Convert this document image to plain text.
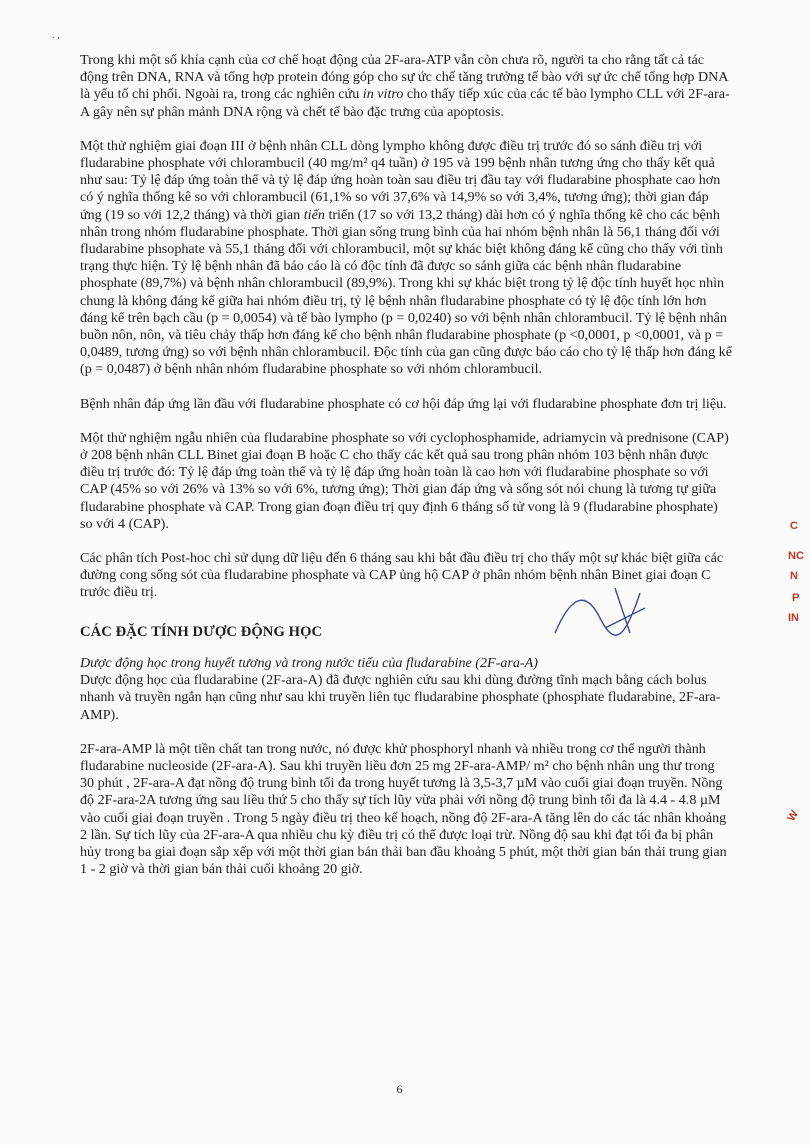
. ,

Trong khi một số khía cạnh của cơ chế hoạt động của 2F-ara-ATP vẫn còn chưa rõ, người ta cho rằng tất cả tác động trên DNA, RNA và tổng hợp protein đóng góp cho sự ức chế tăng trưởng tế bào với sự ức chế tổng hợp DNA là yếu tố chi phối. Ngoài ra, trong các nghiên cứu in vitro cho thấy tiếp xúc của các tế bào lympho CLL với 2F-ara-A gây nên sự phân mảnh DNA rộng và chết tế bào đặc trưng của apoptosis.

Một thử nghiệm giai đoạn III ở bệnh nhân CLL dòng lympho không được điều trị trước đó so sánh điều trị với fludarabine phosphate với chlorambucil (40 mg/m² q4 tuần) ở 195 và 199 bệnh nhân tương ứng cho thấy kết quả như sau: Tỷ lệ đáp ứng toàn thể và tỷ lệ đáp ứng hoàn toàn sau điều trị đầu tay với fludarabine phosphate cao hơn có ý nghĩa thống kê so với chlorambucil (61,1% so với 37,6% và 14,9% so với 3,4%, tương ứng); thời gian đáp ứng (19 so với 12,2 tháng) và thời gian tiến triển (17 so với 13,2 tháng) dài hơn có ý nghĩa thống kê cho các bệnh nhân trong nhóm fludarabine phosphate. Thời gian sống trung bình của hai nhóm bệnh nhân là 56,1 tháng đối với fludarabine phsophate và 55,1 tháng đối với chlorambucil, một sự khác biệt không đáng kể cũng cho thấy với tình trạng thực hiện. Tỷ lệ bệnh nhân đã báo cáo là có độc tính đã được so sánh giữa các bệnh nhân fludarabine phosphate (89,7%) và bệnh nhân chlorambucil (89,9%). Trong khi sự khác biệt trong tỷ lệ độc tính huyết học nhìn chung là không đáng kể giữa hai nhóm điều trị, tỷ lệ bệnh nhân fludarabine phosphate có tỷ lệ độc tính lớn hơn đáng kể trên bạch cầu (p = 0,0054) và tế bào lympho (p = 0,0240) so với bệnh nhân chlorambucil. Tỷ lệ bệnh nhân buồn nôn, nôn, và tiêu chảy thấp hơn đáng kể cho bệnh nhân fludarabine phosphate (p <0,0001, p <0,0001, và p = 0,0489, tương ứng) so với bệnh nhân chlorambucil. Độc tính của gan cũng được báo cáo cho tỷ lệ thấp hơn đáng kể (p = 0,0487) ở bệnh nhân nhóm fludarabine phosphate so với nhóm chlorambucil.

Bệnh nhân đáp ứng lần đầu với fludarabine phosphate có cơ hội đáp ứng lại với fludarabine phosphate đơn trị liệu.

Một thử nghiệm ngẫu nhiên của fludarabine phosphate so với cyclophosphamide, adriamycin và prednisone (CAP) ở 208 bệnh nhân CLL Binet giai đoạn B hoặc C cho thấy các kết quả sau trong phân nhóm 103 bệnh nhân được điều trị trước đó: Tỷ lệ đáp ứng toàn thể và tỷ lệ đáp ứng hoàn toàn là cao hơn với fludarabine phosphate so với CAP (45% so với 26% và 13% so với 6%, tương ứng); Thời gian đáp ứng và sống sót nói chung là tương tự giữa fludarabine phosphate và CAP. Trong gian đoạn điều trị quy định 6 tháng số tử vong là 9 (fludarabine phosphate) so với 4 (CAP).

Các phân tích Post-hoc chỉ sử dụng dữ liệu đến 6 tháng sau khi bắt đầu điều trị cho thấy một sự khác biệt giữa các đường cong sống sót của fludarabine phosphate và CAP ủng hộ CAP ở phân nhóm bệnh nhân Binet giai đoạn C trước điều trị.

CÁC ĐẶC TÍNH DƯỢC ĐỘNG HỌC

Dược động học trong huyết tương và trong nước tiểu của fludarabine (2F-ara-A)

Dược động học của fludarabine (2F-ara-A) đã được nghiên cứu sau khi dùng đường tĩnh mạch bằng cách bolus nhanh và truyền ngắn hạn cũng như sau khi truyền liên tục fludarabine phosphate (phosphate fludarabine, 2F-ara-AMP).

2F-ara-AMP là một tiền chất tan trong nước, nó được khử phosphoryl nhanh và nhiều trong cơ thể người thành fludarabine nucleoside (2F-ara-A). Sau khi truyền liều đơn 25 mg 2F-ara-AMP/ m² cho bệnh nhân ung thư trong 30 phút , 2F-ara-A đạt nồng độ trung bình tối đa trong huyết tương là 3,5-3,7 µM vào cuối giai đoạn truyền. Nồng độ 2F-ara-2A tương ứng sau liều thứ 5 cho thấy sự tích lũy vừa phải với nồng độ trung bình tối đa là 4.4 - 4.8 µM vào cuối giai đoạn truyền . Trong 5 ngày điều trị theo kế hoạch, nồng độ 2F-ara-A tăng lên do các tác nhân khoảng 2 lần. Sự tích lũy của 2F-ara-A qua nhiều chu kỳ điều trị có thể được loại trừ. Nồng độ sau khi đạt tối đa bị phân hủy trong ba giai đoạn sắp xếp với một thời gian bán thải ban đầu khoảng 5 phút, một thời gian bán thải trung gian 1 - 2 giờ và thời gian bán thải cuối khoảng 20 giờ.

6
C
NC
N
P
IN
W
